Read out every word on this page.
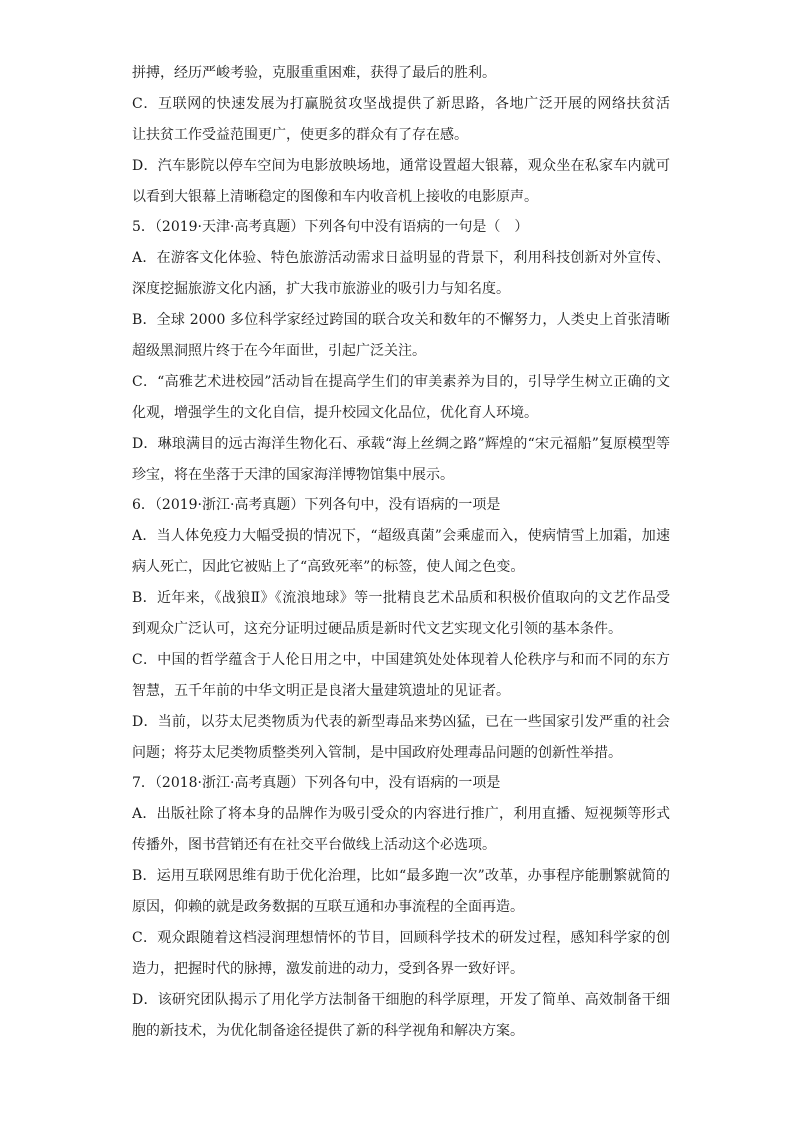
拼搏，经历严峻考验，克服重重困难，获得了最后的胜利。
C．互联网的快速发展为打赢脱贫攻坚战提供了新思路，各地广泛开展的网络扶贫活
让扶贫工作受益范围更广，使更多的群众有了存在感。
D．汽车影院以停车空间为电影放映场地，通常设置超大银幕，观众坐在私家车内就可
以看到大银幕上清晰稳定的图像和车内收音机上接收的电影原声。
5．（2019·天津·高考真题）下列各句中没有语病的一句是（　）
A．在游客文化体验、特色旅游活动需求日益明显的背景下，利用科技创新对外宣传、
深度挖掘旅游文化内涵，扩大我市旅游业的吸引力与知名度。
B．全球 2000 多位科学家经过跨国的联合攻关和数年的不懈努力，人类史上首张清晰
超级黑洞照片终于在今年面世，引起广泛关注。
C．“高雅艺术进校园”活动旨在提高学生们的审美素养为目的，引导学生树立正确的文
化观，增强学生的文化自信，提升校园文化品位，优化育人环境。
D．琳琅满目的远古海洋生物化石、承载“海上丝绸之路”辉煌的“宋元福船”复原模型等
珍宝，将在坐落于天津的国家海洋博物馆集中展示。
6．（2019·浙江·高考真题）下列各句中，没有语病的一项是
A．当人体免疫力大幅受损的情况下，“超级真菌”会乘虚而入，使病情雪上加霜，加速
病人死亡，因此它被贴上了“高致死率”的标签，使人闻之色变。
B．近年来，《战狼Ⅱ》《流浪地球》等一批精良艺术品质和积极价值取向的文艺作品受
到观众广泛认可，这充分证明过硬品质是新时代文艺实现文化引领的基本条件。
C．中国的哲学蕴含于人伦日用之中，中国建筑处处体现着人伦秩序与和而不同的东方
智慧，五千年前的中华文明正是良渚大量建筑遗址的见证者。
D．当前，以芬太尼类物质为代表的新型毒品来势凶猛，已在一些国家引发严重的社会
问题；将芬太尼类物质整类列入管制，是中国政府处理毒品问题的创新性举措。
7．（2018·浙江·高考真题）下列各句中，没有语病的一项是
A．出版社除了将本身的品牌作为吸引受众的内容进行推广，利用直播、短视频等形式
传播外，图书营销还有在社交平台做线上活动这个必选项。
B．运用互联网思维有助于优化治理，比如“最多跑一次”改革，办事程序能删繁就简的
原因，仰赖的就是政务数据的互联互通和办事流程的全面再造。
C．观众跟随着这档浸润理想情怀的节目，回顾科学技术的研发过程，感知科学家的创
造力，把握时代的脉搏，激发前进的动力，受到各界一致好评。
D．该研究团队揭示了用化学方法制备干细胞的科学原理，开发了简单、高效制备干细
胞的新技术，为优化制备途径提供了新的科学视角和解决方案。
